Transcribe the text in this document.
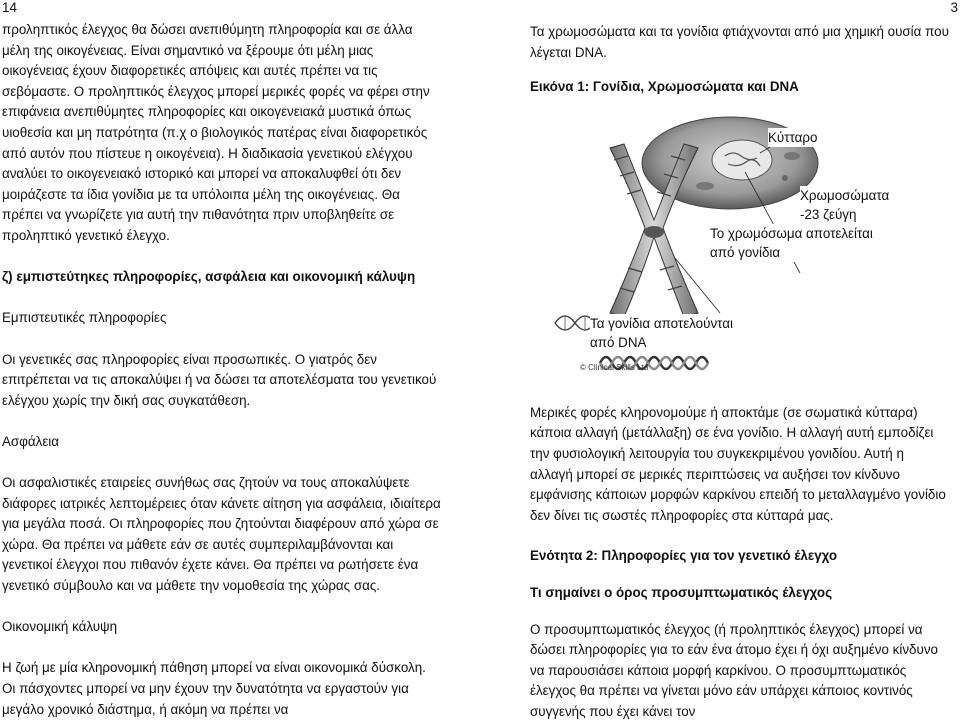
14	3

προληπτικός έλεγχος θα δώσει ανεπιθύμητη πληροφορία και σε άλλα μέλη της οικογένειας. Είναι σημαντικό να ξέρουμε ότι μέλη μιας οικογένειας έχουν διαφορετικές απόψεις και αυτές πρέπει να τις σεβόμαστε. Ο προληπτικός έλεγχος μπορεί μερικές φορές να φέρει στην επιφάνεια ανεπιθύμητες πληροφορίες και οικογενειακά μυστικά όπως υιοθεσία και μη πατρότητα (π.χ ο βιολογικός πατέρας είναι διαφορετικός από αυτόν που πίστευε η οικογένεια). Η διαδικασία γενετικού ελέγχου αναλύει το οικογενειακό ιστορικό και μπορεί να αποκαλυφθεί ότι δεν μοιράζεστε τα ίδια γονίδια με τα υπόλοιπα μέλη της οικογένειας. Θα πρέπει να γνωρίζετε για αυτή την πιθανότητα πριν υποβληθείτε σε προληπτικό γενετικό έλεγχο.

ζ) εμπιστεύτηκες πληροφορίες, ασφάλεια και οικονομική κάλυψη

Εμπιστευτικές πληροφορίες

Οι γενετικές σας πληροφορίες είναι προσωπικές. Ο γιατρός δεν επιτρέπεται να τις αποκαλύψει ή να δώσει τα αποτελέσματα του γενετικού ελέγχου χωρίς την δική σας συγκατάθεση.

Ασφάλεια

Οι ασφαλιστικές εταιρείες συνήθως σας ζητούν να τους αποκαλύψετε διάφορες ιατρικές λεπτομέρειες όταν κάνετε αίτηση για ασφάλεια, ιδιαίτερα για μεγάλα ποσά. Οι πληροφορίες που ζητούνται διαφέρουν από χώρα σε χώρα. Θα πρέπει να μάθετε εάν σε αυτές συμπεριλαμβάνονται και γενετικοί έλεγχοι που πιθανόν έχετε κάνει. Θα πρέπει να ρωτήσετε ένα γενετικό σύμβουλο και να μάθετε την νομοθεσία της χώρας σας.

Οικονομική κάλυψη

Η ζωή με μία κληρονομική πάθηση μπορεί να είναι οικονομικά δύσκολη. Οι πάσχοντες μπορεί να μην έχουν την δυνατότητα να εργαστούν για μεγάλο χρονικό διάστημα, ή ακόμη να πρέπει να

Τα χρωμοσώματα και τα γονίδια φτιάχνονται από μια χημική ουσία που λέγεται DNA.

Εικόνα 1: Γονίδια, Χρωμοσώματα και DNA

Κύτταρο
Χρωμοσώματα
-23 ζεύγη
Το χρωμόσωμα αποτελείται
από γονίδια
Τα γονίδια αποτελούνται
από DNA
© Clinical Skills Ltd

Μερικές φορές κληρονομούμε ή αποκτάμε (σε σωματικά κύτταρα) κάποια αλλαγή (μετάλλαξη) σε ένα γονίδιο. Η αλλαγή αυτή εμποδίζει την φυσιολογική λειτουργία του συγκεκριμένου γονιδίου. Αυτή η αλλαγή μπορεί σε μερικές περιπτώσεις να αυξήσει τον κίνδυνο εμφάνισης κάποιων μορφών καρκίνου επειδή το μεταλλαγμένο γονίδιο δεν δίνει τις σωστές πληροφορίες στα κύτταρά μας.

Ενότητα 2: Πληροφορίες για τον γενετικό έλεγχο

Τι σημαίνει ο όρος προσυμπτωματικός έλεγχος

Ο προσυμπτωματικός έλεγχος (ή προληπτικός έλεγχος) μπορεί να δώσει πληροφορίες για το εάν ένα άτομο έχει ή όχι αυξημένο κίνδυνο να παρουσιάσει κάποια μορφή καρκίνου. Ο προσυμπτωματικός έλεγχος θα πρέπει να γίνεται μόνο εάν υπάρχει κάποιος κοντινός συγγενής που έχει κάνει τον
